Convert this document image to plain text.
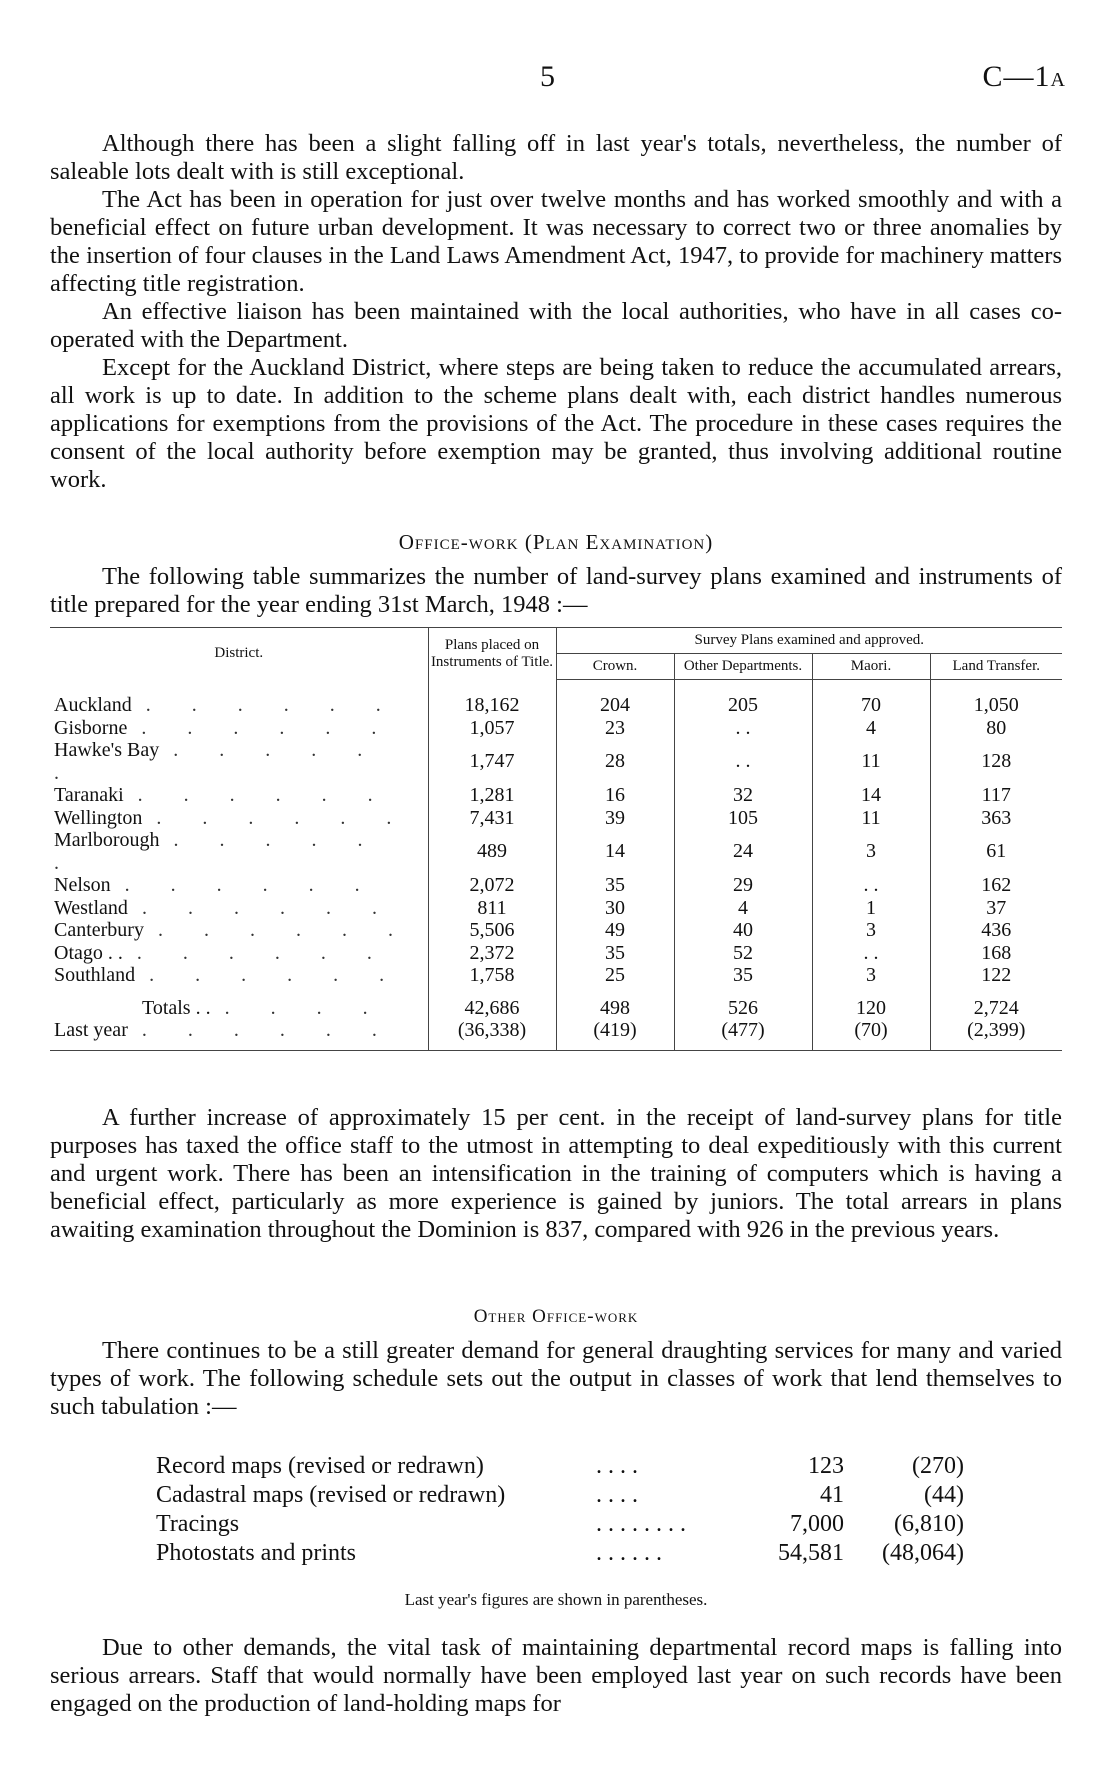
5	C—1A

Although there has been a slight falling off in last year's totals, nevertheless, the number of saleable lots dealt with is still exceptional.

The Act has been in operation for just over twelve months and has worked smoothly and with a beneficial effect on future urban development. It was necessary to correct two or three anomalies by the insertion of four clauses in the Land Laws Amendment Act, 1947, to provide for machinery matters affecting title registration.

An effective liaison has been maintained with the local authorities, who have in all cases co-operated with the Department.

Except for the Auckland District, where steps are being taken to reduce the accumulated arrears, all work is up to date. In addition to the scheme plans dealt with, each district handles numerous applications for exemptions from the provisions of the Act. The procedure in these cases requires the consent of the local authority before exemption may be granted, thus involving additional routine work.

Office-work (Plan Examination)

The following table summarizes the number of land-survey plans examined and instruments of title prepared for the year ending 31st March, 1948 :—

District.	Plans placed on Instruments of Title.	Survey Plans examined and approved.			
		Crown.	Other Departments.	Maori.	Land Transfer.

Auckland . . . . . .	18,162	204	205	70	1,050
Gisborne . . . . . .	1,057	23	. .	4	80
Hawke's Bay . . . . . .	1,747	28	. .	11	128
Taranaki . . . . . .	1,281	16	32	14	117
Wellington . . . . . .	7,431	39	105	11	363
Marlborough . . . . . .	489	14	24	3	61
Nelson . . . . . .	2,072	35	29	. .	162
Westland . . . . . .	811	30	4	1	37
Canterbury . . . . . .	5,506	49	40	3	436
Otago . . . . . . . .	2,372	35	52	. .	168
Southland . . . . . .	1,758	25	35	3	122

Totals . . . . . .	42,686	498	526	120	2,724
Last year . . . . . .	(36,338)	(419)	(477)	(70)	(2,399)

A further increase of approximately 15 per cent. in the receipt of land-survey plans for title purposes has taxed the office staff to the utmost in attempting to deal expeditiously with this current and urgent work. There has been an intensification in the training of computers which is having a beneficial effect, particularly as more experience is gained by juniors. The total arrears in plans awaiting examination throughout the Dominion is 837, compared with 926 in the previous years.

Other Office-work

There continues to be a still greater demand for general draughting services for many and varied types of work. The following schedule sets out the output in classes of work that lend themselves to such tabulation :—

Record maps (revised or redrawn)	. . . .	123	(270)
Cadastral maps (revised or redrawn)	. . . .	41	(44)
Tracings	. . . . . . . .	7,000	(6,810)
Photostats and prints	. . . . . .	54,581	(48,064)

Last year's figures are shown in parentheses.

Due to other demands, the vital task of maintaining departmental record maps is falling into serious arrears. Staff that would normally have been employed last year on such records have been engaged on the production of land-holding maps for
